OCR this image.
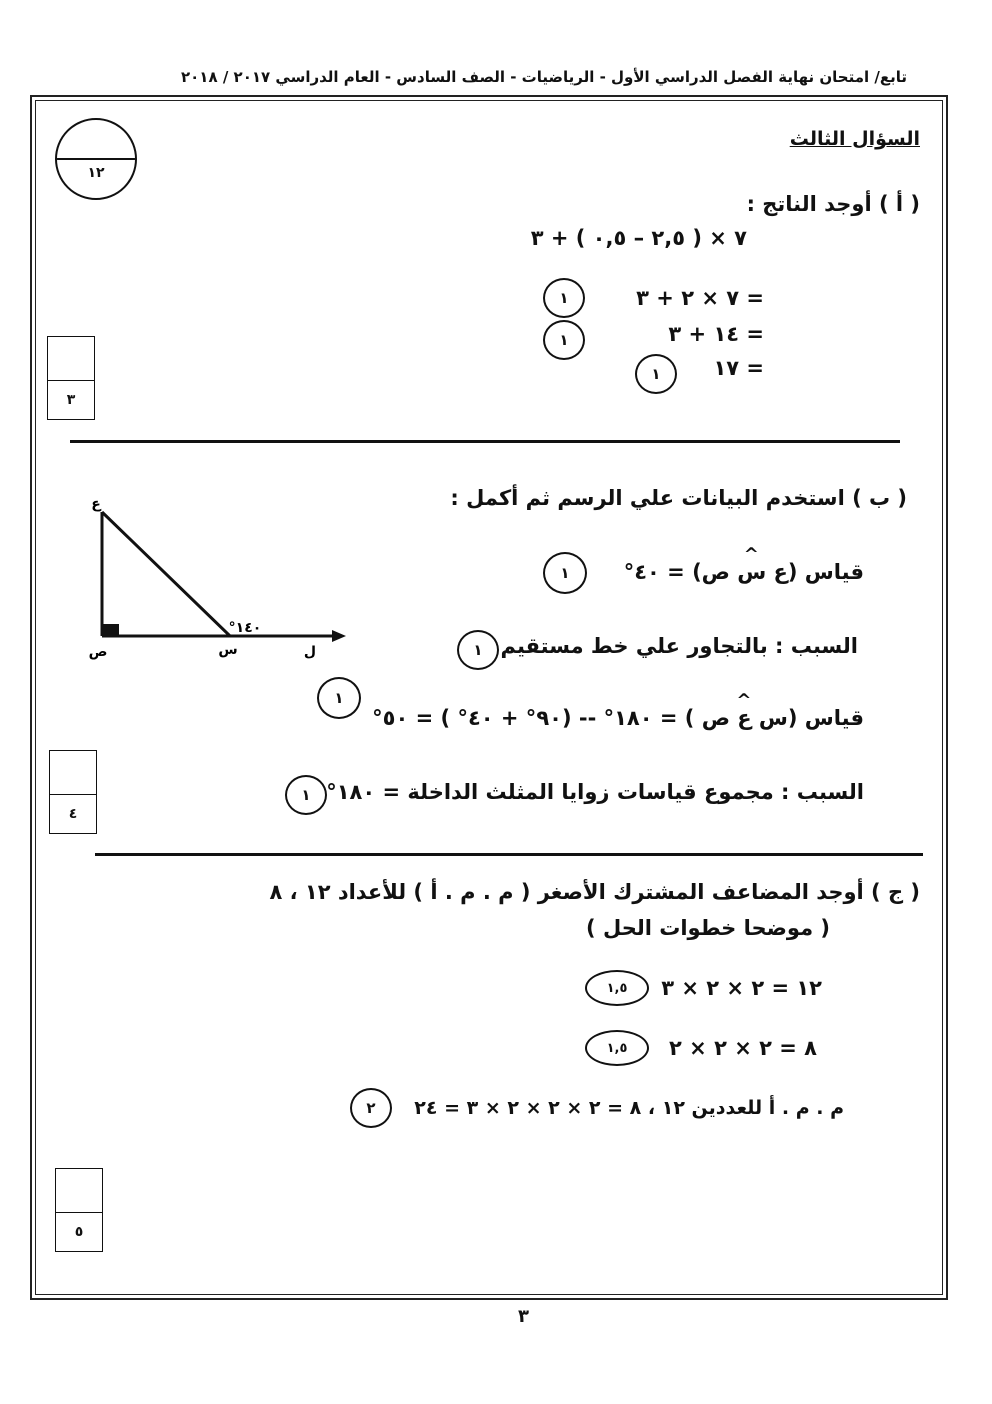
تابع/ امتحان نهاية الفصل الدراسي الأول - الرياضيات - الصف السادس - العام الدراسي ٢٠١٧ / ٢٠١٨
١٢
السؤال الثالث
( أ ) أوجد الناتج :
٧ × ( ٢,٥ – ٠,٥ ) + ٣
= ٧ × ٢ + ٣
١
= ١٤ + ٣
١
= ١٧
١
٣
( ب ) استخدم البيانات علي الرسم ثم أكمل :
ع
ص	س	ل
١٤٠°
قياس (ع ^ س ص) = ٤٠°
١
السبب : بالتجاور علي خط مستقيم
١
قياس (س ^ ع ص ) = ١٨٠° -- (٩٠° + ٤٠° ) = ٥٠°
١
السبب : مجموع قياسات زوايا المثلث الداخلة = ١٨٠°
١
٤
( ج ) أوجد المضاعف المشترك الأصغر ( م . م . أ ) للأعداد ١٢ ، ٨
( موضحا خطوات الحل )
١٢ = ٢ × ٢ × ٣
١,٥
٨ = ٢ × ٢ × ٢
١,٥
م . م . أ للعددين ١٢ ، ٨ = ٢ × ٢ × ٢ × ٣ = ٢٤
٢
٥
٣
